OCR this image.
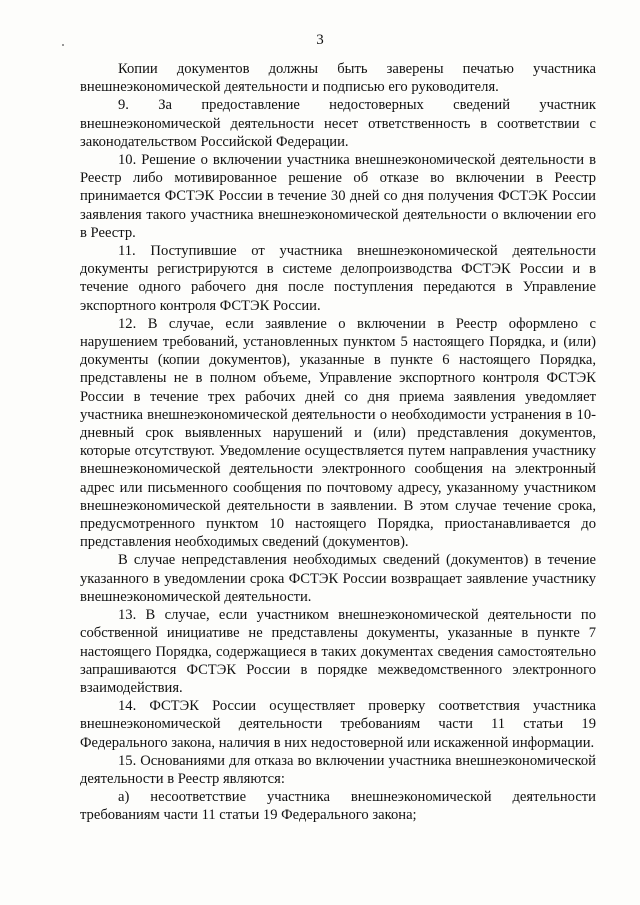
3

Копии документов должны быть заверены печатью участника внешнеэкономической деятельности и подписью его руководителя.

9. За предоставление недостоверных сведений участник внешнеэкономической деятельности несет ответственность в соответствии с законодательством Российской Федерации.

10. Решение о включении участника внешнеэкономической деятельности в Реестр либо мотивированное решение об отказе во включении в Реестр принимается ФСТЭК России в течение 30 дней со дня получения ФСТЭК России заявления такого участника внешнеэкономической деятельности о включении его в Реестр.

11. Поступившие от участника внешнеэкономической деятельности документы регистрируются в системе делопроизводства ФСТЭК России и в течение одного рабочего дня после поступления передаются в Управление экспортного контроля ФСТЭК России.

12. В случае, если заявление о включении в Реестр оформлено с нарушением требований, установленных пунктом 5 настоящего Порядка, и (или) документы (копии документов), указанные в пункте 6 настоящего Порядка, представлены не в полном объеме, Управление экспортного контроля ФСТЭК России в течение трех рабочих дней со дня приема заявления уведомляет участника внешнеэкономической деятельности о необходимости устранения в 10-дневный срок выявленных нарушений и (или) представления документов, которые отсутствуют. Уведомление осуществляется путем направления участнику внешнеэкономической деятельности электронного сообщения на электронный адрес или письменного сообщения по почтовому адресу, указанному участником внешнеэкономической деятельности в заявлении. В этом случае течение срока, предусмотренного пунктом 10 настоящего Порядка, приостанавливается до представления необходимых сведений (документов).

В случае непредставления необходимых сведений (документов) в течение указанного в уведомлении срока ФСТЭК России возвращает заявление участнику внешнеэкономической деятельности.

13. В случае, если участником внешнеэкономической деятельности по собственной инициативе не представлены документы, указанные в пункте 7 настоящего Порядка, содержащиеся в таких документах сведения самостоятельно запрашиваются ФСТЭК России в порядке межведомственного электронного взаимодействия.

14. ФСТЭК России осуществляет проверку соответствия участника внешнеэкономической деятельности требованиям части 11 статьи 19 Федерального закона, наличия в них недостоверной или искаженной информации.

15. Основаниями для отказа во включении участника внешнеэкономической деятельности в Реестр являются:

а) несоответствие участника внешнеэкономической деятельности требованиям части 11 статьи 19 Федерального закона;
